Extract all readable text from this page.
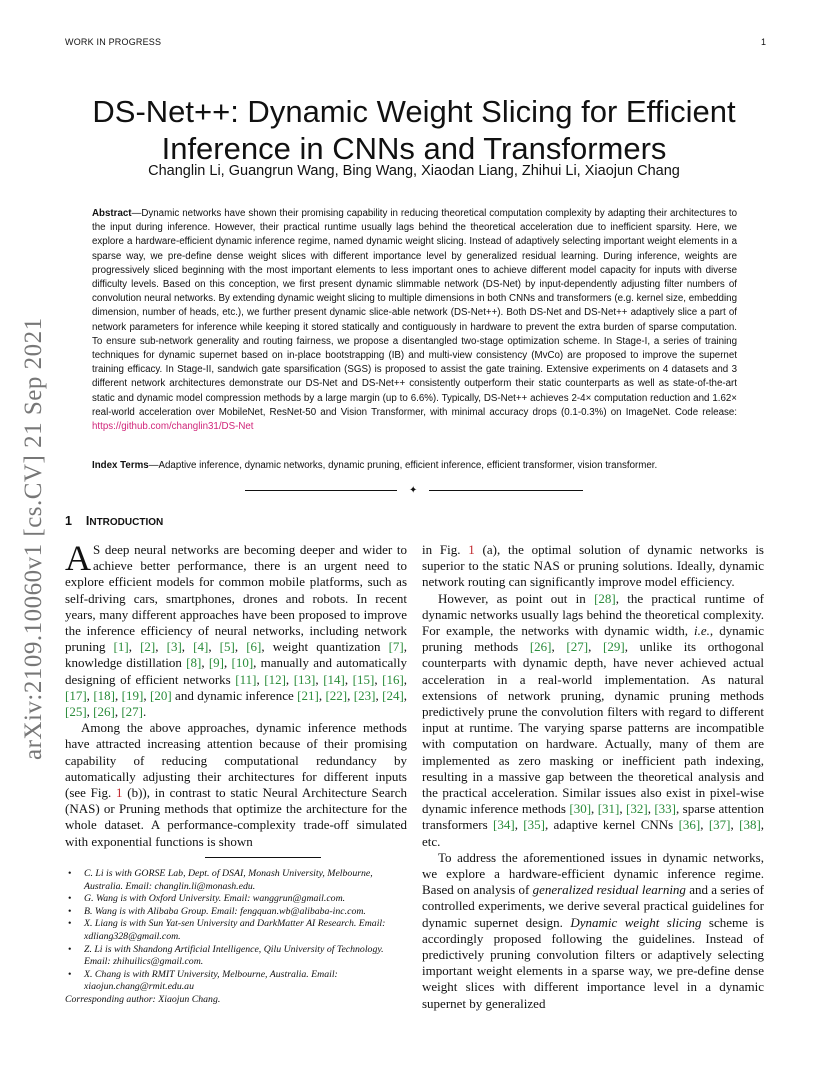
WORK IN PROGRESS	1
arXiv:2109.10060v1 [cs.CV] 21 Sep 2021
DS-Net++: Dynamic Weight Slicing for Efficient Inference in CNNs and Transformers
Changlin Li, Guangrun Wang, Bing Wang, Xiaodan Liang, Zhihui Li, Xiaojun Chang
Abstract—Dynamic networks have shown their promising capability in reducing theoretical computation complexity by adapting their architectures to the input during inference. However, their practical runtime usually lags behind the theoretical acceleration due to inefficient sparsity. Here, we explore a hardware-efficient dynamic inference regime, named dynamic weight slicing. Instead of adaptively selecting important weight elements in a sparse way, we pre-define dense weight slices with different importance level by generalized residual learning. During inference, weights are progressively sliced beginning with the most important elements to less important ones to achieve different model capacity for inputs with diverse difficulty levels. Based on this conception, we first present dynamic slimmable network (DS-Net) by input-dependently adjusting filter numbers of convolution neural networks. By extending dynamic weight slicing to multiple dimensions in both CNNs and transformers (e.g. kernel size, embedding dimension, number of heads, etc.), we further present dynamic slice-able network (DS-Net++). Both DS-Net and DS-Net++ adaptively slice a part of network parameters for inference while keeping it stored statically and contiguously in hardware to prevent the extra burden of sparse computation. To ensure sub-network generality and routing fairness, we propose a disentangled two-stage optimization scheme. In Stage-I, a series of training techniques for dynamic supernet based on in-place bootstrapping (IB) and multi-view consistency (MvCo) are proposed to improve the supernet training efficacy. In Stage-II, sandwich gate sparsification (SGS) is proposed to assist the gate training. Extensive experiments on 4 datasets and 3 different network architectures demonstrate our DS-Net and DS-Net++ consistently outperform their static counterparts as well as state-of-the-art static and dynamic model compression methods by a large margin (up to 6.6%). Typically, DS-Net++ achieves 2-4× computation reduction and 1.62× real-world acceleration over MobileNet, ResNet-50 and Vision Transformer, with minimal accuracy drops (0.1-0.3%) on ImageNet. Code release: https://github.com/changlin31/DS-Net
Index Terms—Adaptive inference, dynamic networks, dynamic pruning, efficient inference, efficient transformer, vision transformer.
✦
1 INTRODUCTION

A S deep neural networks are becoming deeper and wider to achieve better performance, there is an urgent need to explore efficient models for common mobile platforms, such as self-driving cars, smartphones, drones and robots. In recent years, many different approaches have been proposed to improve the inference efficiency of neural networks, including network pruning [1], [2], [3], [4], [5], [6], weight quantization [7], knowledge distillation [8], [9], [10], manually and automatically designing of efficient networks [11], [12], [13], [14], [15], [16], [17], [18], [19], [20] and dynamic inference [21], [22], [23], [24], [25], [26], [27].

Among the above approaches, dynamic inference methods have attracted increasing attention because of their promising capability of reducing computational redundancy by automatically adjusting their architectures for different inputs (see Fig. 1 (b)), in contrast to static Neural Architecture Search (NAS) or Pruning methods that optimize the architecture for the whole dataset. A performance-complexity trade-off simulated with exponential functions is shown

• C. Li is with GORSE Lab, Dept. of DSAI, Monash University, Melbourne, Australia. Email: changlin.li@monash.edu.
• G. Wang is with Oxford University. Email: wanggrun@gmail.com.
• B. Wang is with Alibaba Group. Email: fengquan.wb@alibaba-inc.com.
• X. Liang is with Sun Yat-sen University and DarkMatter AI Research. Email: xdliang328@gmail.com.
• Z. Li is with Shandong Artificial Intelligence, Qilu University of Technology. Email: zhihuilics@gmail.com.
• X. Chang is with RMIT University, Melbourne, Australia. Email: xiaojun.chang@rmit.edu.au
Corresponding author: Xiaojun Chang.

in Fig. 1 (a), the optimal solution of dynamic networks is superior to the static NAS or pruning solutions. Ideally, dynamic network routing can significantly improve model efficiency.

However, as point out in [28], the practical runtime of dynamic networks usually lags behind the theoretical complexity. For example, the networks with dynamic width, i.e., dynamic pruning methods [26], [27], [29], unlike its orthogonal counterparts with dynamic depth, have never achieved actual acceleration in a real-world implementation. As natural extensions of network pruning, dynamic pruning methods predictively prune the convolution filters with regard to different input at runtime. The varying sparse patterns are incompatible with computation on hardware. Actually, many of them are implemented as zero masking or inefficient path indexing, resulting in a massive gap between the theoretical analysis and the practical acceleration. Similar issues also exist in pixel-wise dynamic inference methods [30], [31], [32], [33], sparse attention transformers [34], [35], adaptive kernel CNNs [36], [37], [38], etc.

To address the aforementioned issues in dynamic networks, we explore a hardware-efficient dynamic inference regime. Based on analysis of generalized residual learning and a series of controlled experiments, we derive several practical guidelines for dynamic supernet design. Dynamic weight slicing scheme is accordingly proposed following the guidelines. Instead of predictively pruning convolution filters or adaptively selecting important weight elements in a sparse way, we pre-define dense weight slices with different importance level in a dynamic supernet by generalized
